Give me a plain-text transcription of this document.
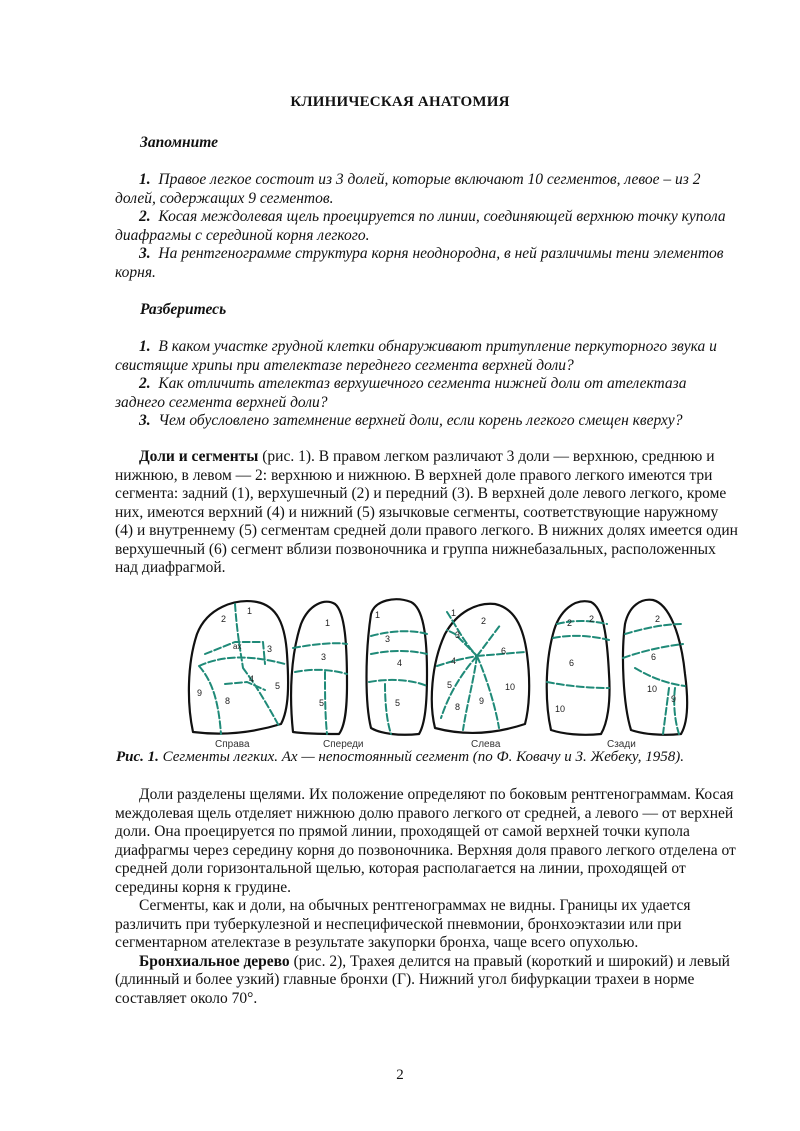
КЛИНИЧЕСКАЯ АНАТОМИЯ
Запомните

1. Правое легкое состоит из 3 долей, которые включают 10 сегментов, левое – из 2 долей, содержащих 9 сегментов.

2. Косая междолевая щель проецируется по линии, соединяющей верхнюю точку купола диафрагмы с серединой корня легкого.

3. На рентгенограмме структура корня неоднородна, в ней различимы тени элементов корня.

Разберитесь

1. В каком участке грудной клетки обнаруживают притупление перкуторного звука и свистящие хрипы при ателектазе переднего сегмента верхней доли?

2. Как отличить ателектаз верхушечного сегмента нижней доли от ателектаза заднего сегмента верхней доли?

3. Чем обусловлено затемнение верхней доли, если корень легкого смещен кверху?

Доли и сегменты (рис. 1). В правом легком различают 3 доли — верхнюю, среднюю и нижнюю, в левом — 2: верхнюю и нижнюю. В верхней доле правого легкого имеются три сегмента: задний (1), верхушечный (2) и передний (3). В верхней доле левого легкого, кроме них, имеются верхний (4) и нижний (5) язычковые сегменты, соответствующие наружному (4) и внутреннему (5) сегментам средней доли правого легкого. В нижних долях имеется один верхушечный (6) сегмент вблизи позвоночника и группа нижнебазальных, расположенных над диафрагмой.

1
2
ах	3
4
5
8
9
1
3
5
1
3
4
5
1
2
3
6
4
5	10
8
9
2 2
6
10
2
6
10
9
Справа	Спереди	Слева	Сзади
Рис. 1. Сегменты легких. Ах — непостоянный сегмент (по Ф. Ковачу и З. Жебеку, 1958).

Доли разделены щелями. Их положение определяют по боковым рентгенограммам. Косая междолевая щель отделяет нижнюю долю правого легкого от средней, а левого — от верхней доли. Она проецируется по прямой линии, проходящей от самой верхней точки купола диафрагмы через середину корня до позвоночника. Верхняя доля правого легкого отделена от средней доли горизонтальной щелью, которая располагается на линии, проходящей от середины корня к грудине.

Сегменты, как и доли, на обычных рентгенограммах не видны. Границы их удается различить при туберкулезной и неспецифической пневмонии, бронхоэктазии или при сегментарном ателектазе в результате закупорки бронха, чаще всего опухолью.

Бронхиальное дерево (рис. 2), Трахея делится на правый (короткий и широкий) и левый (длинный и более узкий) главные бронхи (Г). Нижний угол бифуркации трахеи в норме составляет около 70°.

2
